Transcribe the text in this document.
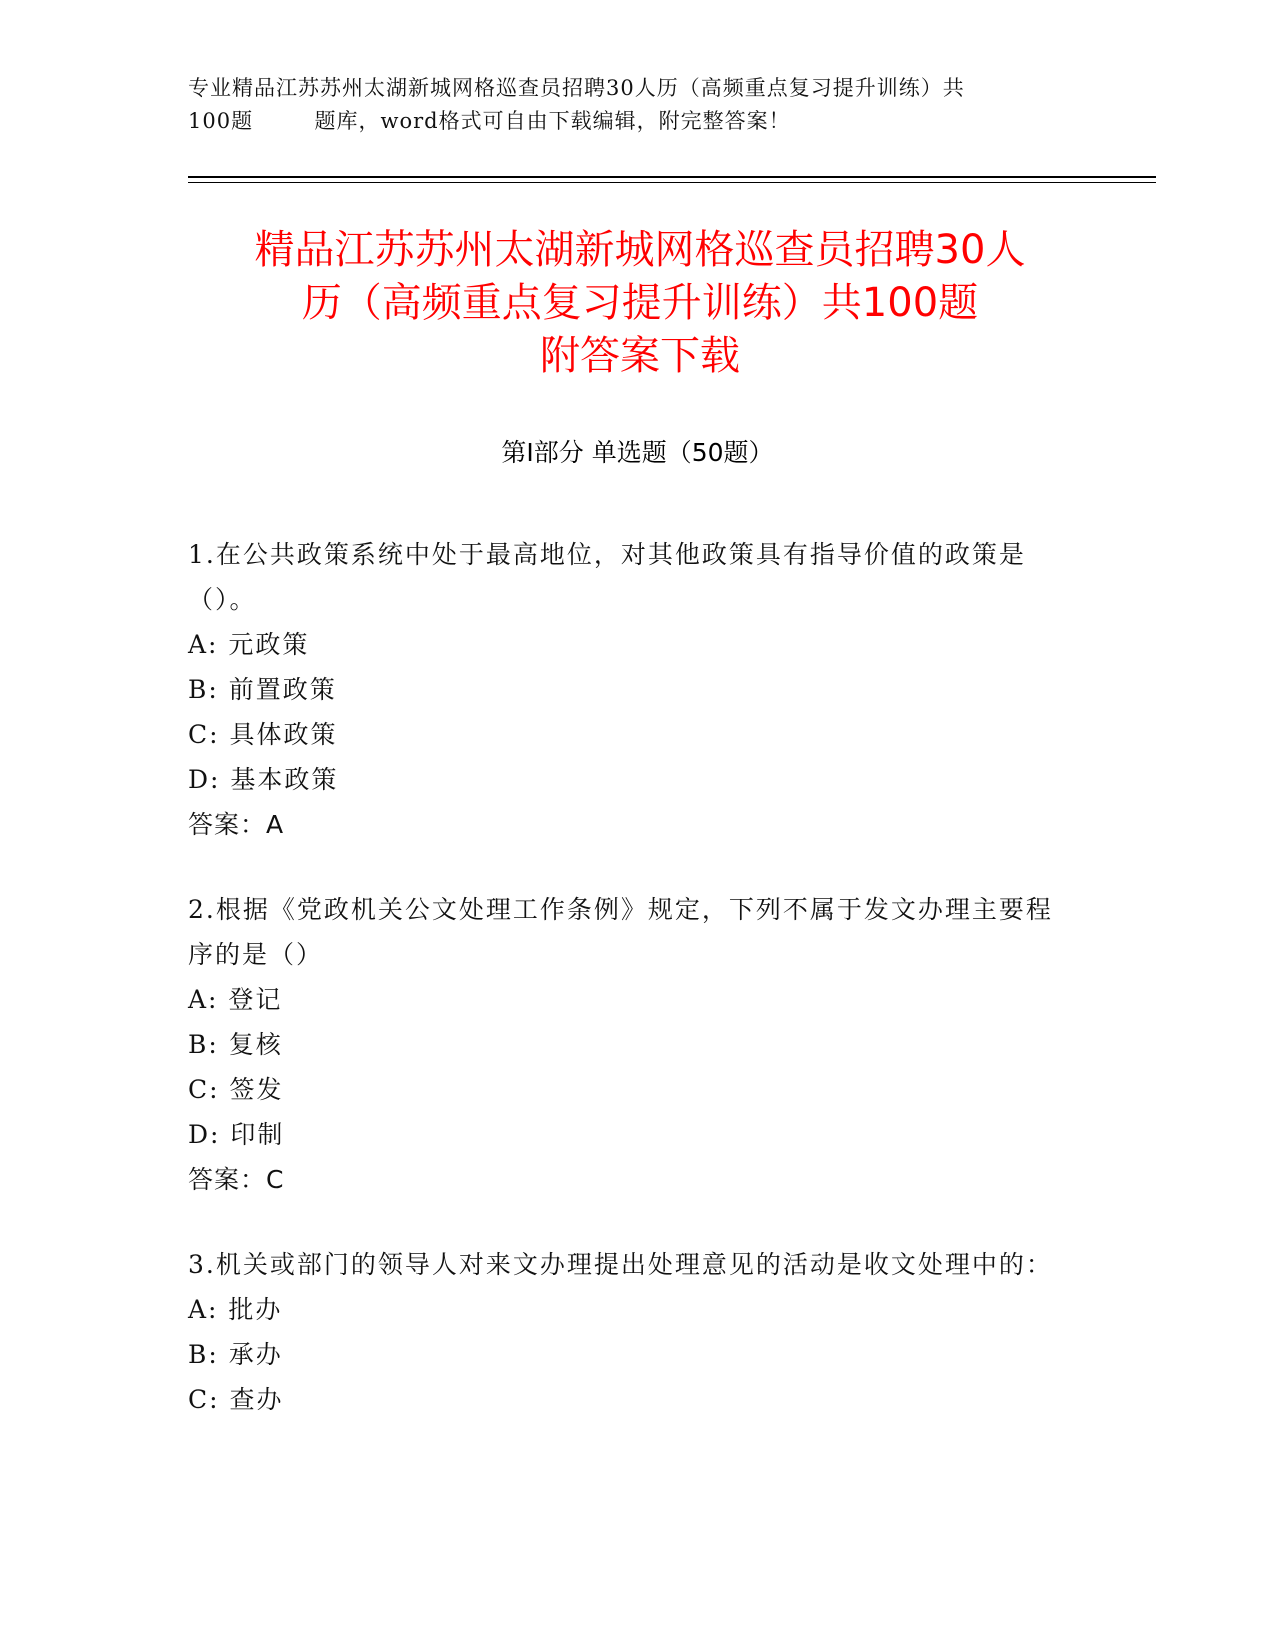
专业精品江苏苏州太湖新城网格巡查员招聘30人历（高频重点复习提升训练）共
100题        题库，word格式可自由下载编辑，附完整答案！
精品江苏苏州太湖新城网格巡查员招聘30人
历（高频重点复习提升训练）共100题
附答案下载
第Ⅰ部分 单选题（50题）
1.在公共政策系统中处于最高地位，对其他政策具有指导价值的政策是（）。
A: 元政策
B: 前置政策
C: 具体政策
D: 基本政策
答案：A
2.根据《党政机关公文处理工作条例》规定，下列不属于发文办理主要程序的是（）
A: 登记
B: 复核
C: 签发
D: 印制
答案：C
3.机关或部门的领导人对来文办理提出处理意见的活动是收文处理中的：
A: 批办
B: 承办
C: 查办
